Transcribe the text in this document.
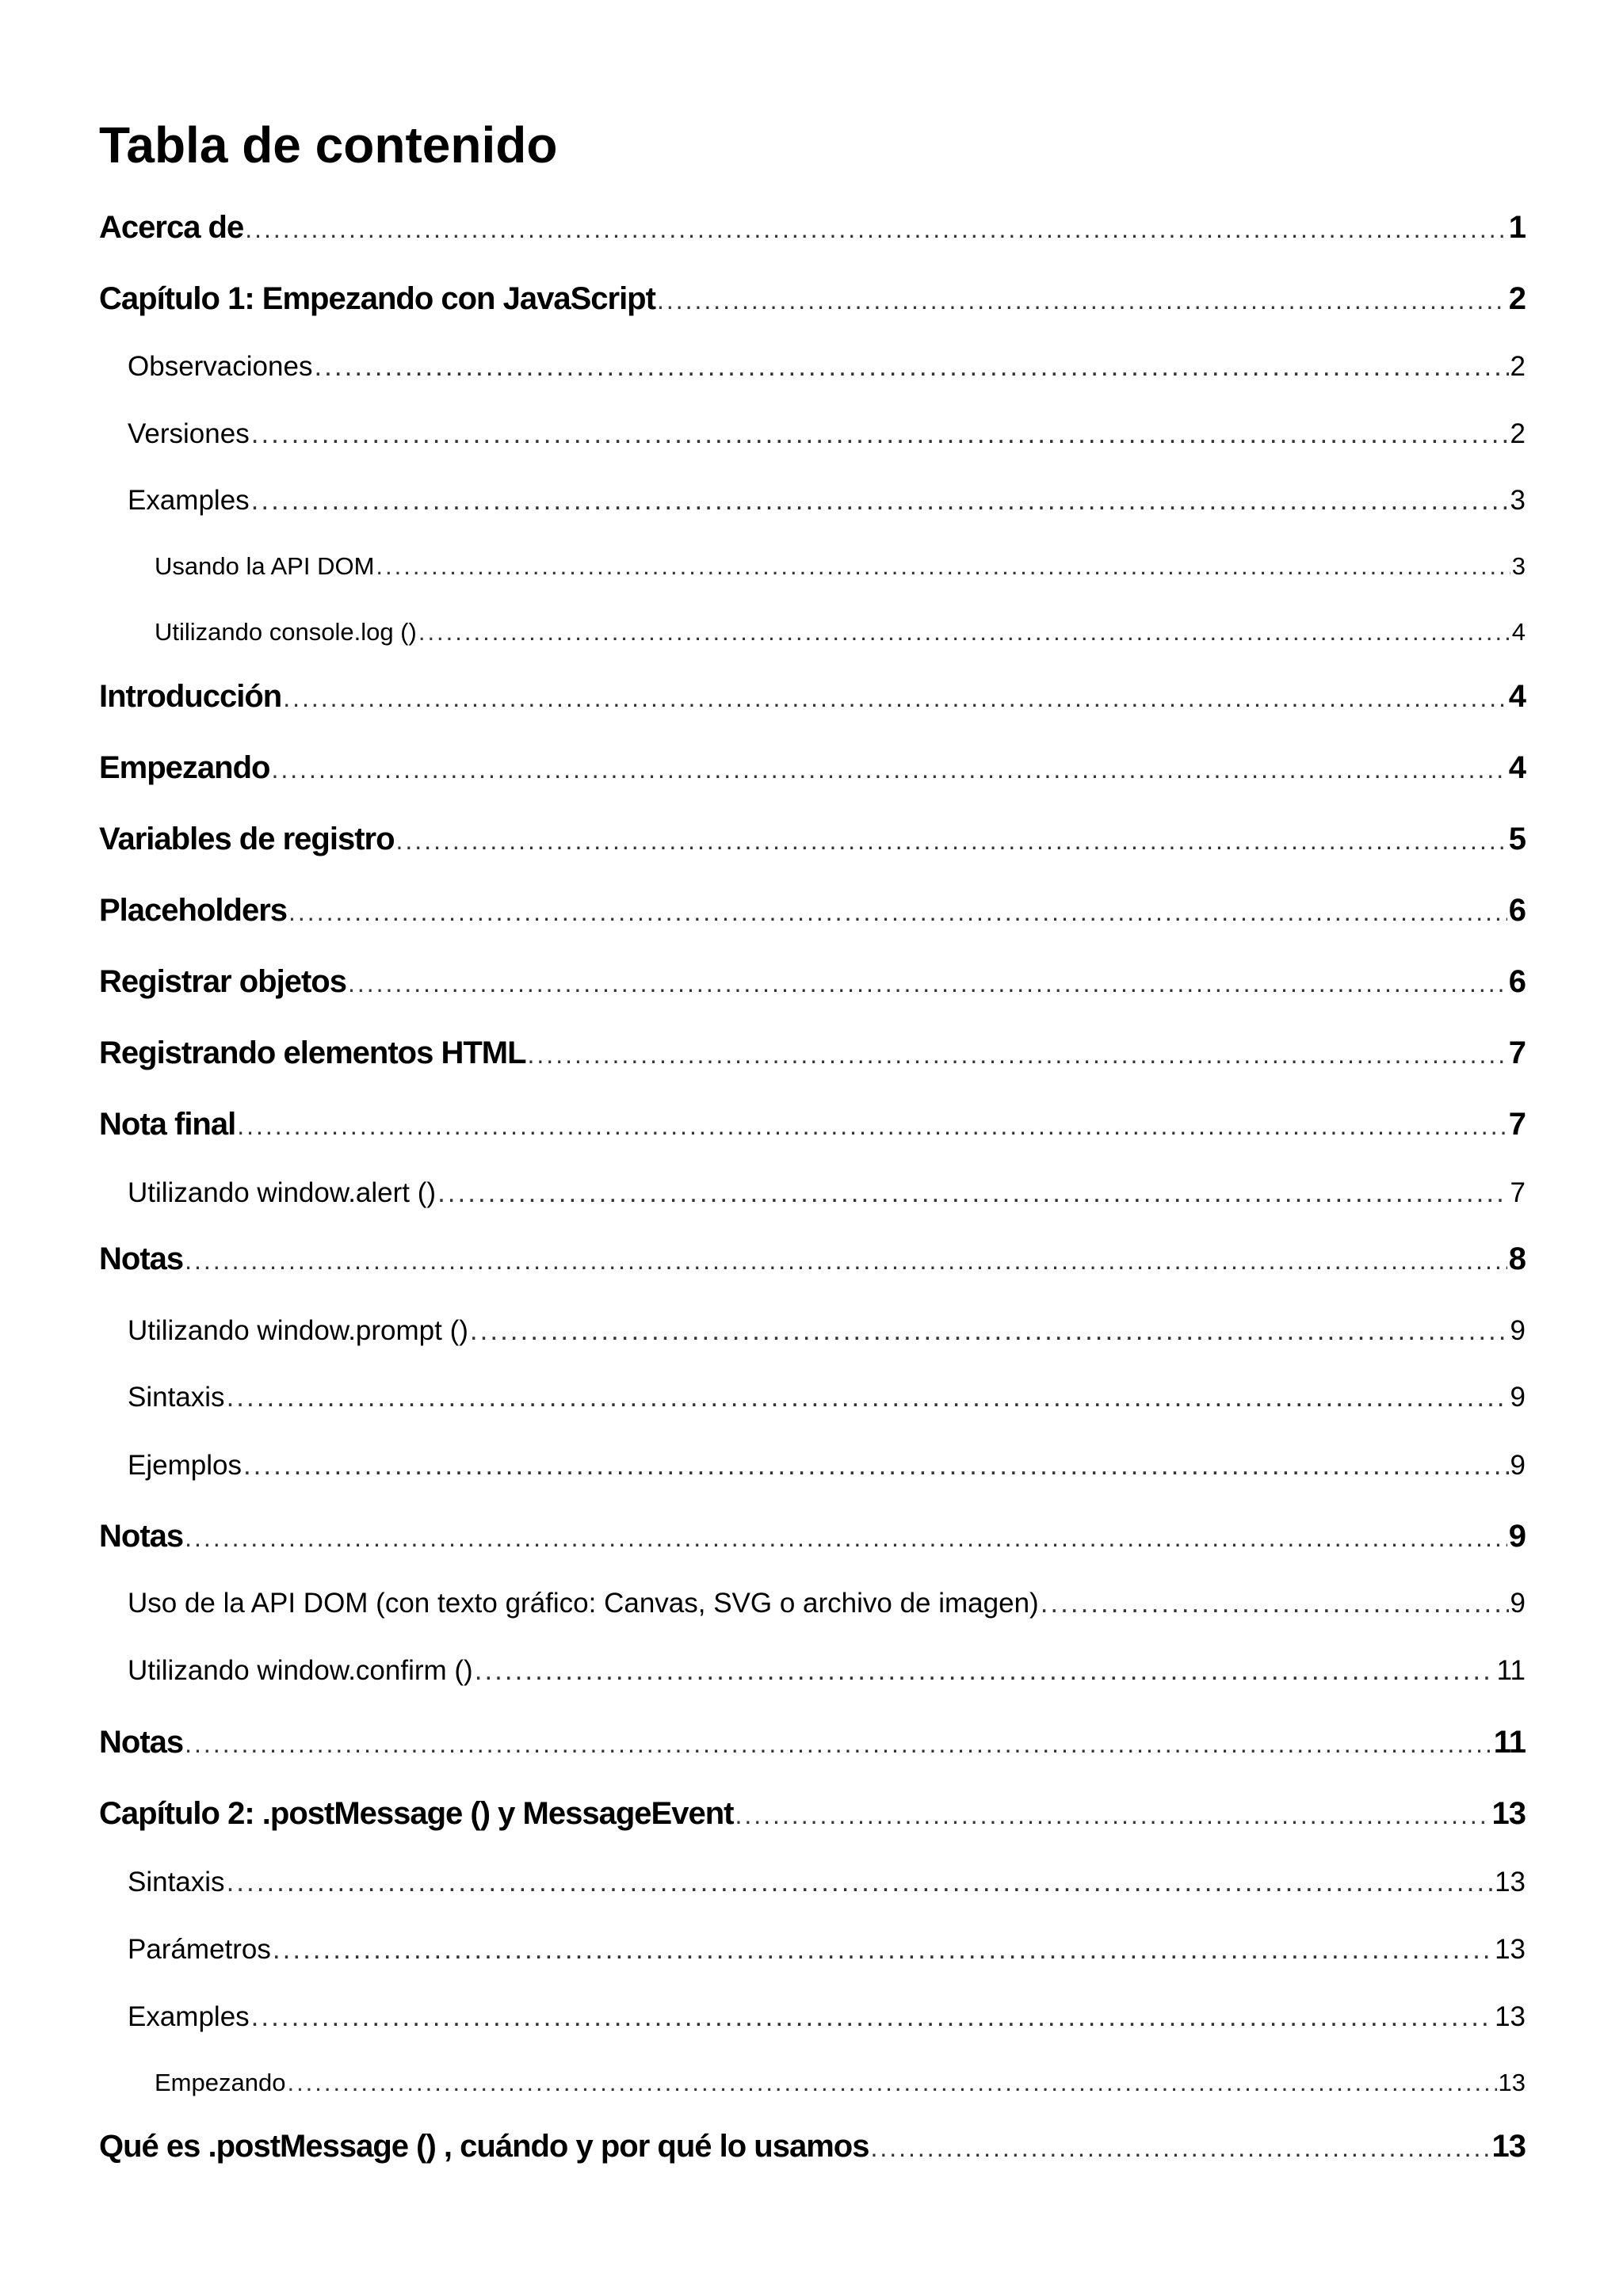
Tabla de contenido
Acerca de .....	1
Capítulo 1: Empezando con JavaScript .....	2
Observaciones .....	2
Versiones .....	2
Examples .....	3
Usando la API DOM .....	3
Utilizando console.log () .....	4
Introducción .....	4
Empezando .....	4
Variables de registro .....	5
Placeholders .....	6
Registrar objetos .....	6
Registrando elementos HTML .....	7
Nota final .....	7
Utilizando window.alert () .....	7
Notas .....	8
Utilizando window.prompt () .....	9
Sintaxis .....	9
Ejemplos .....	9
Notas .....	9
Uso de la API DOM (con texto gráfico: Canvas, SVG o archivo de imagen) .....	9
Utilizando window.confirm () .....	11
Notas .....	11
Capítulo 2: .postMessage () y MessageEvent .....	13
Sintaxis .....	13
Parámetros .....	13
Examples .....	13
Empezando .....	13
Qué es .postMessage () , cuándo y por qué lo usamos .....	13
